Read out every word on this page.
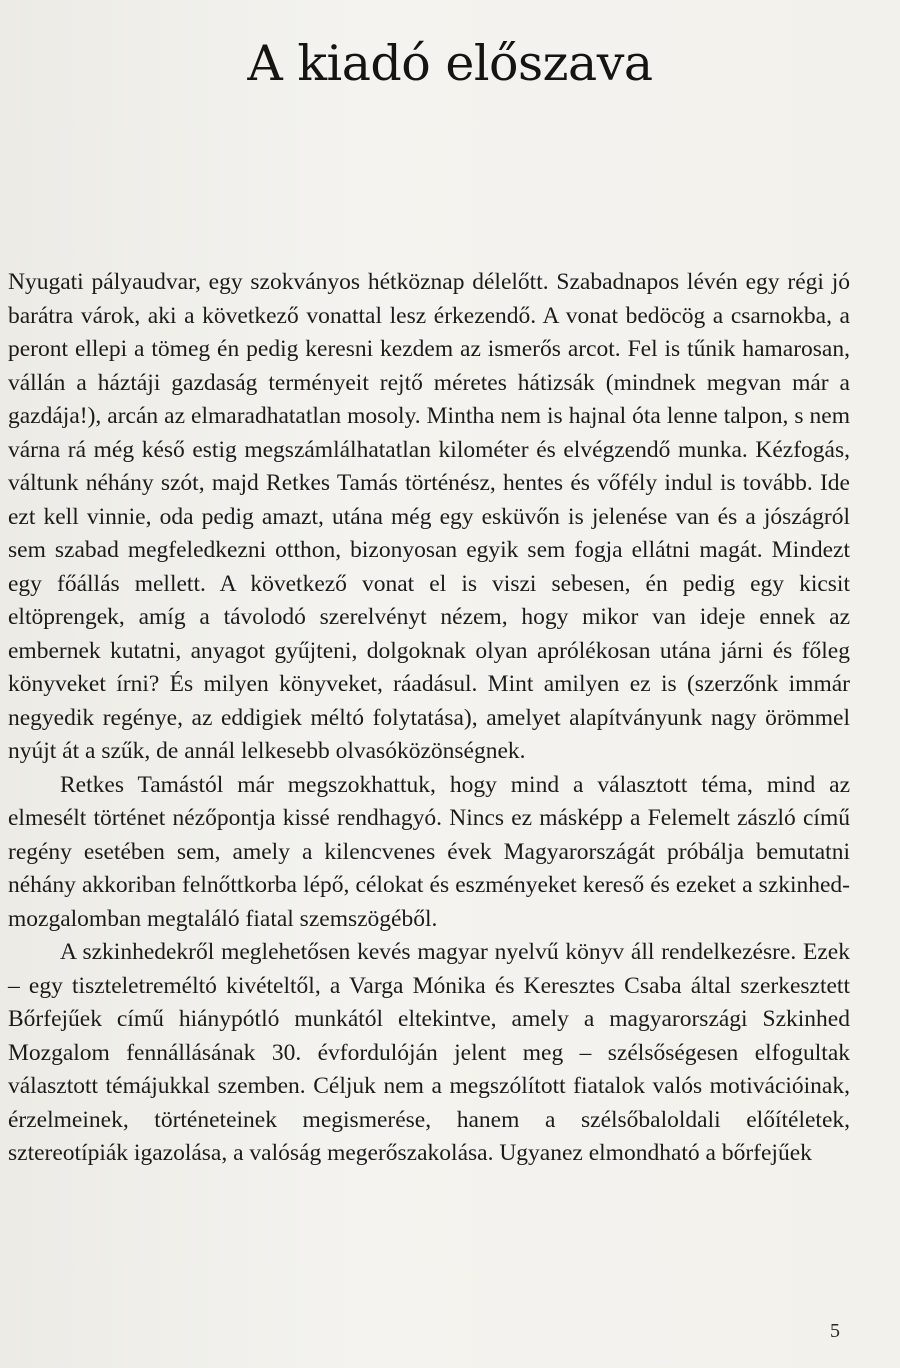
A kiadó előszava

Nyugati pályaudvar, egy szokványos hétköznap délelőtt. Szabadnapos lévén egy régi jó barátra várok, aki a következő vonattal lesz érkezendő. A vonat bedöcög a csarnokba, a peront ellepi a tömeg én pedig keresni kezdem az ismerős arcot. Fel is tűnik hamarosan, vállán a háztáji gazdaság terményeit rejtő méretes hátizsák (mindnek megvan már a gazdája!), arcán az elmaradhatatlan mosoly. Mintha nem is hajnal óta lenne talpon, s nem várna rá még késő estig megszámlálhatatlan kilométer és elvégzendő munka. Kézfogás, váltunk néhány szót, majd Retkes Tamás történész, hentes és vőfély indul is tovább. Ide ezt kell vinnie, oda pedig amazt, utána még egy esküvőn is jelenése van és a jószágról sem szabad megfeledkezni otthon, bizonyosan egyik sem fogja ellátni magát. Mindezt egy főállás mellett. A következő vonat el is viszi sebesen, én pedig egy kicsit eltöprengek, amíg a távolodó szerelvényt nézem, hogy mikor van ideje ennek az embernek kutatni, anyagot gyűjteni, dolgoknak olyan aprólékosan utána járni és főleg könyveket írni? És milyen könyveket, ráadásul. Mint amilyen ez is (szerzőnk immár negyedik regénye, az eddigiek méltó folytatása), amelyet alapítványunk nagy örömmel nyújt át a szűk, de annál lelkesebb olvasóközönségnek.

Retkes Tamástól már megszokhattuk, hogy mind a választott téma, mind az elmesélt történet nézőpontja kissé rendhagyó. Nincs ez másképp a Felemelt zászló című regény esetében sem, amely a kilencvenes évek Magyarországát próbálja bemutatni néhány akkoriban felnőttkorba lépő, célokat és eszményeket kereső és ezeket a szkinhed-mozgalomban megtaláló fiatal szemszögéből.

A szkinhedekről meglehetősen kevés magyar nyelvű könyv áll rendelkezésre. Ezek – egy tiszteletreméltó kivételtől, a Varga Mónika és Keresztes Csaba által szerkesztett Bőrfejűek című hiánypótló munkától eltekintve, amely a magyarországi Szkinhed Mozgalom fennállásának 30. évfordulóján jelent meg – szélsőségesen elfogultak választott témájukkal szemben. Céljuk nem a megszólított fiatalok valós motivációinak, érzelmeinek, történeteinek megismerése, hanem a szélsőbaloldali előítéletek, sztereotípiák igazolása, a valóság megerőszakolása. Ugyanez elmondható a bőrfejűek

5
